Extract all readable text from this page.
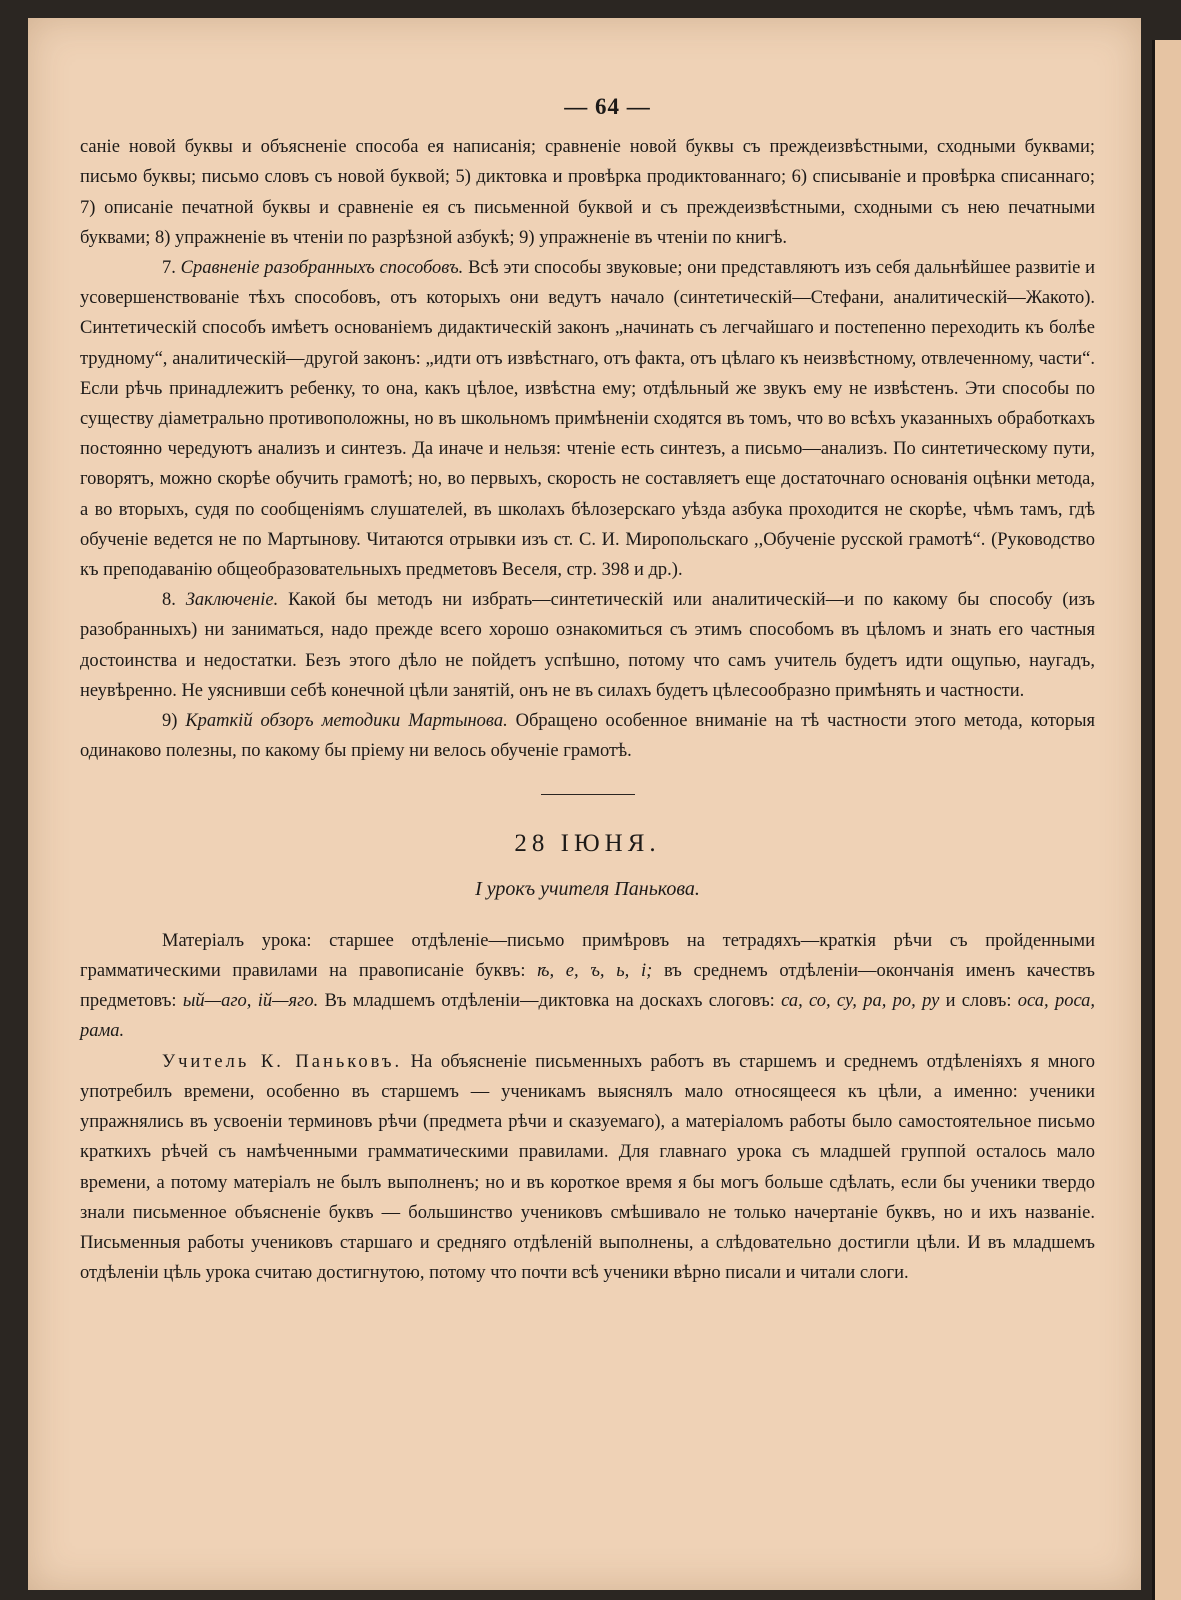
— 64 —

саніе новой буквы и объясненіе способа ея написанія; сравненіе новой буквы съ преждеизвѣстными, сходными буквами; письмо буквы; письмо словъ съ новой буквой; 5) диктовка и провѣрка продиктованнаго; 6) списываніе и провѣрка списаннаго; 7) описаніе печатной буквы и сравненіе ея съ письменной буквой и съ преждеизвѣстными, сходными съ нею печатными буквами; 8) упражненіе въ чтеніи по разрѣзной азбукѣ; 9) упражненіе въ чтеніи по книгѣ.

7. Сравненіе разобранныхъ способовъ. Всѣ эти способы звуковые; они представляютъ изъ себя дальнѣйшее развитіе и усовершенствованіе тѣхъ способовъ, отъ которыхъ они ведутъ начало (синтетическій—Стефани, аналитическій—Жакото). Синтетическій способъ имѣетъ основаніемъ дидактическій законъ „начинать съ легчайшаго и постепенно переходить къ болѣе трудному“, аналитическій—другой законъ: „идти отъ извѣстнаго, отъ факта, отъ цѣлаго къ неизвѣстному, отвлеченному, части“. Если рѣчь принадлежитъ ребенку, то она, какъ цѣлое, извѣстна ему; отдѣльный же звукъ ему не извѣстенъ. Эти способы по существу діаметрально противоположны, но въ школьномъ примѣненіи сходятся въ томъ, что во всѣхъ указанныхъ обработкахъ постоянно чередуютъ анализъ и синтезъ. Да иначе и нельзя: чтеніе есть синтезъ, а письмо—анализъ. По синтетическому пути, говорятъ, можно скорѣе обучить грамотѣ; но, во первыхъ, скорость не составляетъ еще достаточнаго основанія оцѣнки метода, а во вторыхъ, судя по сообщеніямъ слушателей, въ школахъ бѣлозерскаго уѣзда азбука проходится не скорѣе, чѣмъ тамъ, гдѣ обученіе ведется не по Мартынову. Читаются отрывки изъ ст. С. И. Миропольскаго ,,Обученіе русской грамотѣ“. (Руководство къ преподаванію общеобразовательныхъ предметовъ Веселя, стр. 398 и др.).

8. Заключеніе. Какой бы методъ ни избрать—синтетическій или аналитическій—и по какому бы способу (изъ разобранныхъ) ни заниматься, надо прежде всего хорошо ознакомиться съ этимъ способомъ въ цѣломъ и знать его частныя достоинства и недостатки. Безъ этого дѣло не пойдетъ успѣшно, потому что самъ учитель будетъ идти ощупью, наугадъ, неувѣренно. Не уяснивши себѣ конечной цѣли занятій, онъ не въ силахъ будетъ цѣлесообразно примѣнять и частности.

9) Краткій обзоръ методики Мартынова. Обращено особенное вниманіе на тѣ частности этого метода, которыя одинаково полезны, по какому бы пріему ни велось обученіе грамотѣ.

28 ІЮНЯ.
I урокъ учителя Панькова.

Матеріалъ урока: старшее отдѣленіе—письмо примѣровъ на тетрадяхъ—краткія рѣчи съ пройденными грамматическими правилами на правописаніе буквъ: ѣ, е, ъ, ь, і; въ среднемъ отдѣленіи—окончанія именъ качествъ предметовъ: ый—аго, ій—яго. Въ младшемъ отдѣленіи—диктовка на доскахъ слоговъ: са, со, су, ра, ро, ру и словъ: оса, роса, рама.

Учитель К. Паньковъ. На объясненіе письменныхъ работъ въ старшемъ и среднемъ отдѣленіяхъ я много употребилъ времени, особенно въ старшемъ — ученикамъ выяснялъ мало относящееся къ цѣли, а именно: ученики упражнялись въ усвоеніи терминовъ рѣчи (предмета рѣчи и сказуемаго), а матеріаломъ работы было самостоятельное письмо краткихъ рѣчей съ намѣченными грамматическими правилами. Для главнаго урока съ младшей группой осталось мало времени, а потому матеріалъ не былъ выполненъ; но и въ короткое время я бы могъ больше сдѣлать, если бы ученики твердо знали письменное объясненіе буквъ — большинство учениковъ смѣшивало не только начертаніе буквъ, но и ихъ названіе. Письменныя работы учениковъ старшаго и средняго отдѣленій выполнены, а слѣдовательно достигли цѣли. И въ младшемъ отдѣленіи цѣль урока считаю достигнутою, потому что почти всѣ ученики вѣрно писали и читали слоги.
